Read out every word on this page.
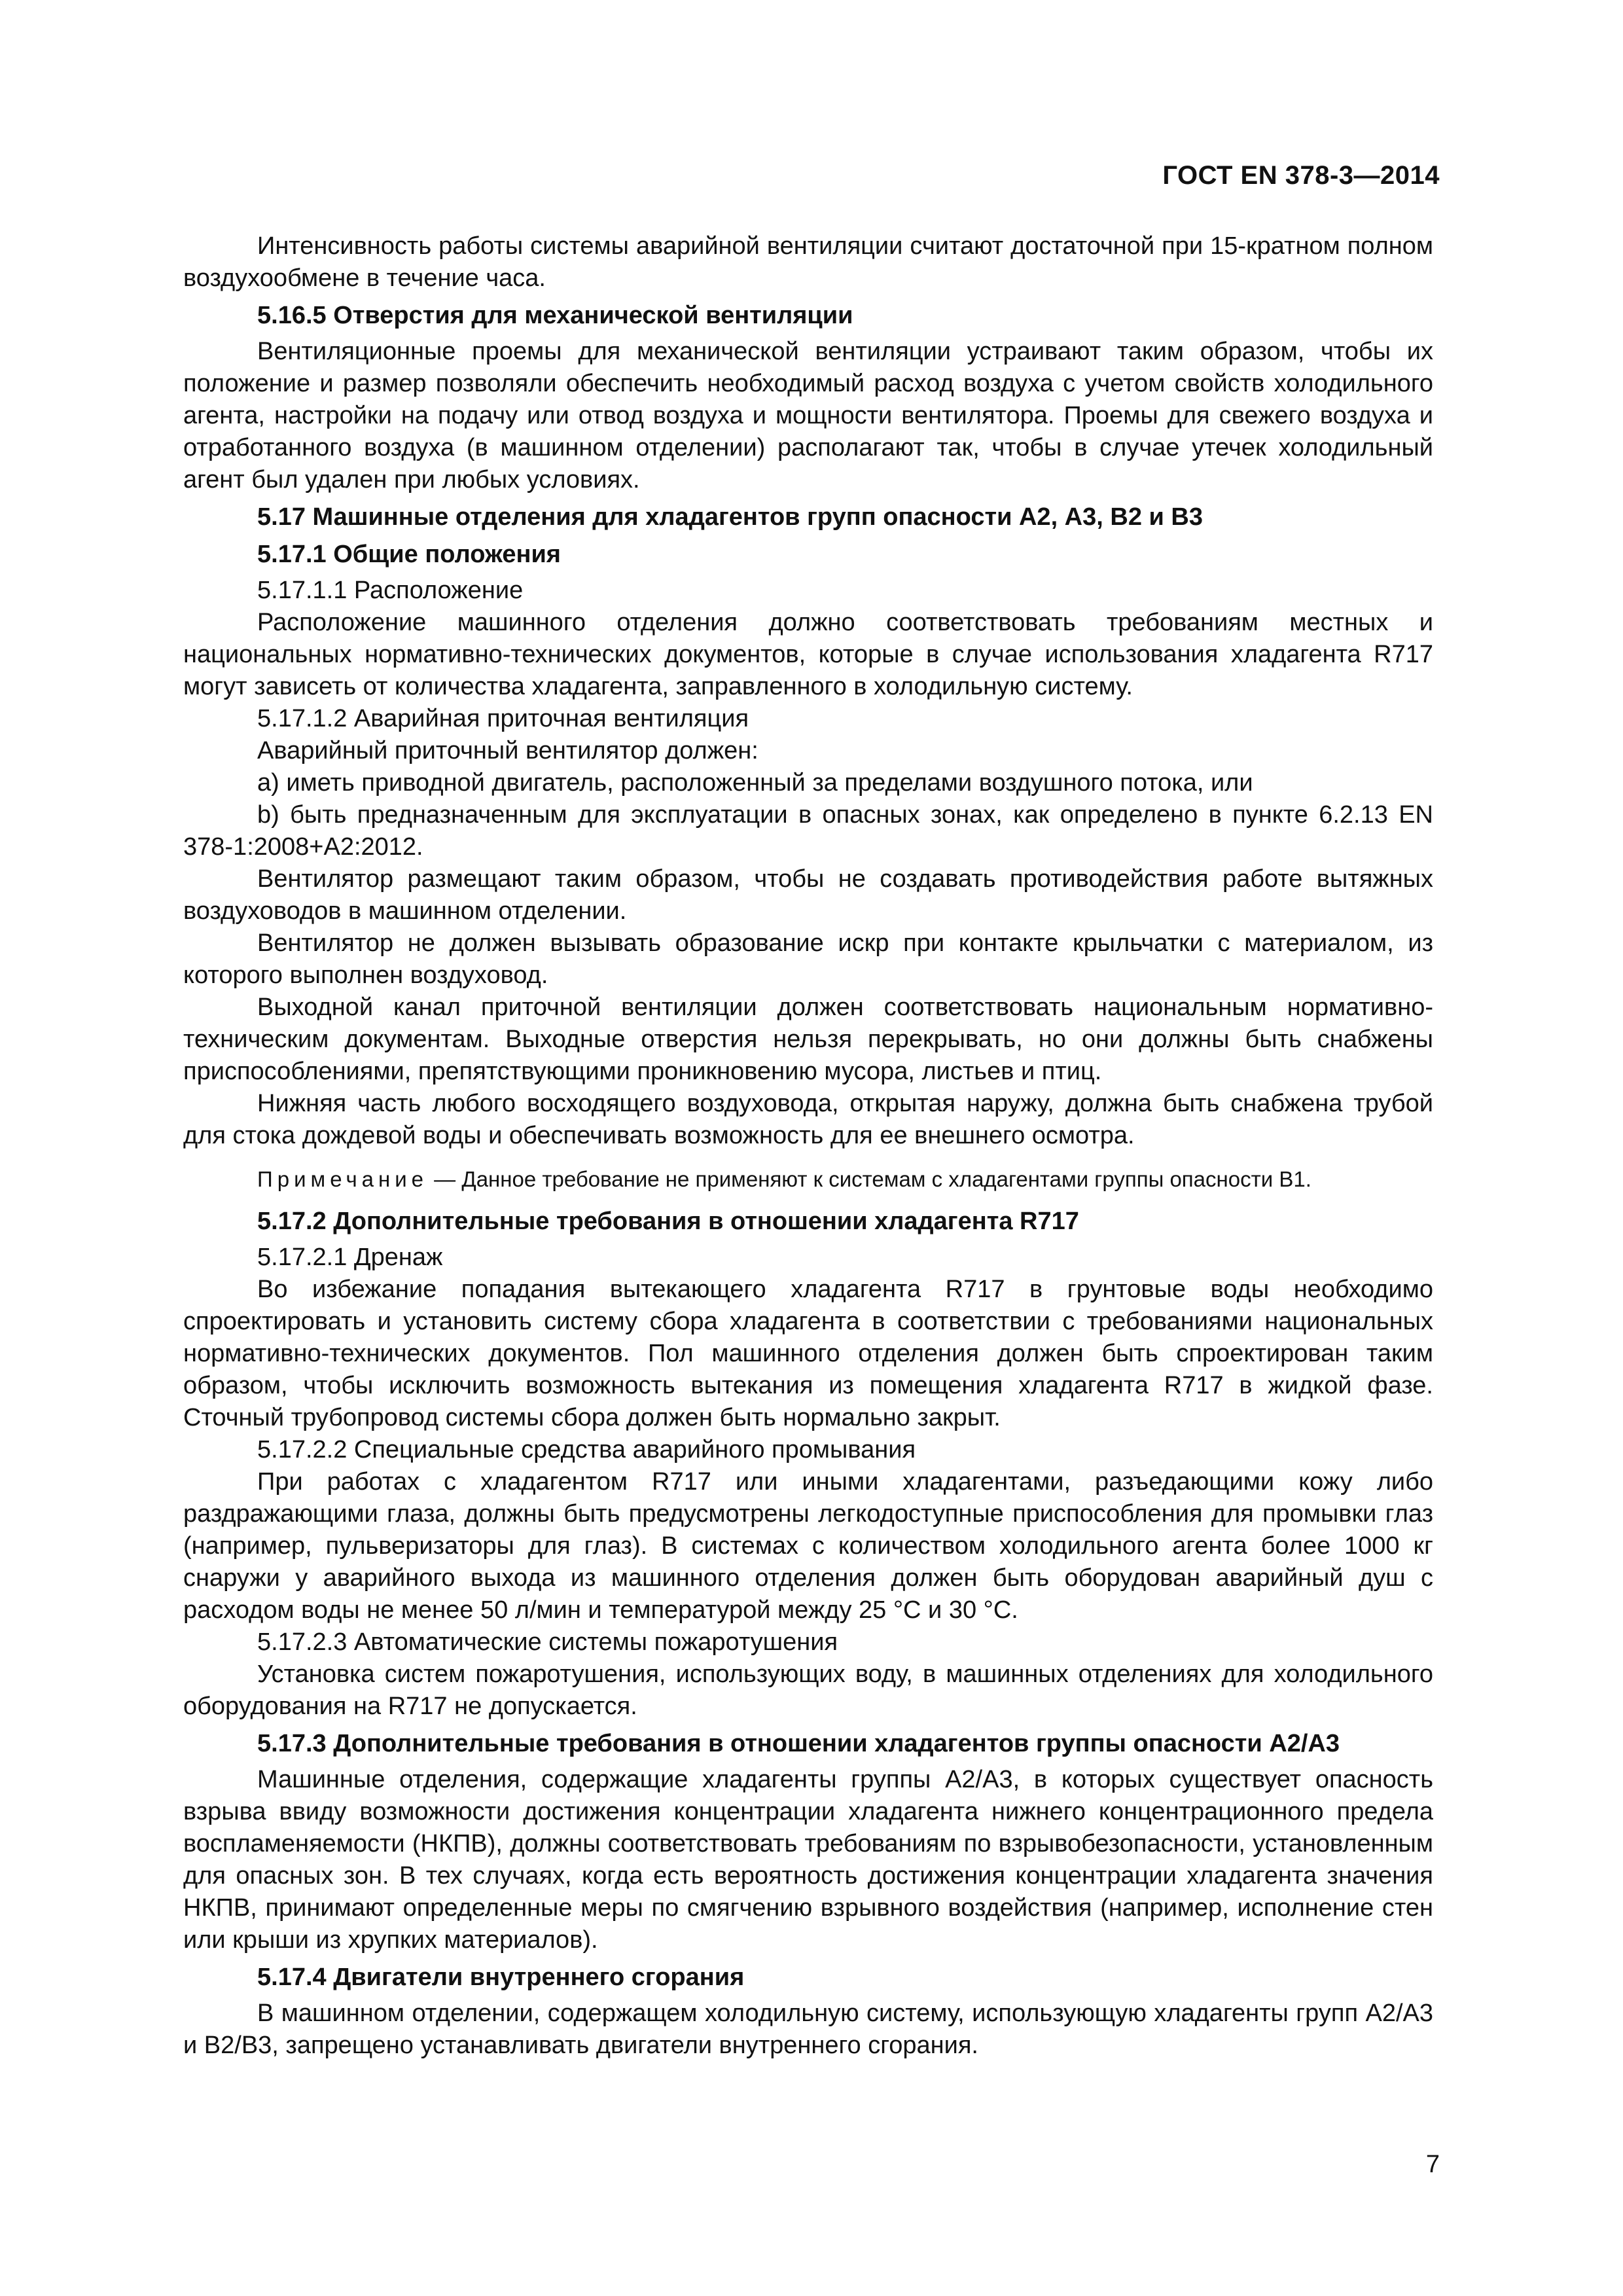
ГОСТ EN 378-3—2014

Интенсивность работы системы аварийной вентиляции считают достаточной при 15-кратном полном воздухообмене в течение часа.

5.16.5 Отверстия для механической вентиляции

Вентиляционные проемы для механической вентиляции устраивают таким образом, чтобы их положение и размер позволяли обеспечить необходимый расход воздуха с учетом свойств холодильного агента, настройки на подачу или отвод воздуха и мощности вентилятора. Проемы для свежего воздуха и отработанного воздуха (в машинном отделении) располагают так, чтобы в случае утечек холодильный агент был удален при любых условиях.

5.17 Машинные отделения для хладагентов групп опасности А2, А3, В2 и В3

5.17.1 Общие положения

5.17.1.1 Расположение

Расположение машинного отделения должно соответствовать требованиям местных и национальных нормативно-технических документов, которые в случае использования хладагента R717 могут зависеть от количества хладагента, заправленного в холодильную систему.

5.17.1.2 Аварийная приточная вентиляция

Аварийный приточный вентилятор должен:

a) иметь приводной двигатель, расположенный за пределами воздушного потока, или

b) быть предназначенным для эксплуатации в опасных зонах, как определено в пункте 6.2.13 EN 378-1:2008+A2:2012.

Вентилятор размещают таким образом, чтобы не создавать противодействия работе вытяжных воздуховодов в машинном отделении.

Вентилятор не должен вызывать образование искр при контакте крыльчатки с материалом, из которого выполнен воздуховод.

Выходной канал приточной вентиляции должен соответствовать национальным нормативно-техническим документам. Выходные отверстия нельзя перекрывать, но они должны быть снабжены приспособлениями, препятствующими проникновению мусора, листьев и птиц.

Нижняя часть любого восходящего воздуховода, открытая наружу, должна быть снабжена трубой для стока дождевой воды и обеспечивать возможность для ее внешнего осмотра.

Примечание — Данное требование не применяют к системам с хладагентами группы опасности В1.

5.17.2 Дополнительные требования в отношении хладагента R717

5.17.2.1 Дренаж

Во избежание попадания вытекающего хладагента R717 в грунтовые воды необходимо спроектировать и установить систему сбора хладагента в соответствии с требованиями национальных нормативно-технических документов. Пол машинного отделения должен быть спроектирован таким образом, чтобы исключить возможность вытекания из помещения хладагента R717 в жидкой фазе. Сточный трубопровод системы сбора должен быть нормально закрыт.

5.17.2.2 Специальные средства аварийного промывания

При работах с хладагентом R717 или иными хладагентами, разъедающими кожу либо раздражающими глаза, должны быть предусмотрены легкодоступные приспособления для промывки глаз (например, пульверизаторы для глаз). В системах с количеством холодильного агента более 1000 кг снаружи у аварийного выхода из машинного отделения должен быть оборудован аварийный душ с расходом воды не менее 50 л/мин и температурой между 25 °С и 30 °С.

5.17.2.3 Автоматические системы пожаротушения

Установка систем пожаротушения, использующих воду, в машинных отделениях для холодильного оборудования на R717 не допускается.

5.17.3 Дополнительные требования в отношении хладагентов группы опасности А2/А3

Машинные отделения, содержащие хладагенты группы А2/А3, в которых существует опасность взрыва ввиду возможности достижения концентрации хладагента нижнего концентрационного предела воспламеняемости (НКПВ), должны соответствовать требованиям по взрывобезопасности, установленным для опасных зон. В тех случаях, когда есть вероятность достижения концентрации хладагента значения НКПВ, принимают определенные меры по смягчению взрывного воздействия (например, исполнение стен или крыши из хрупких материалов).

5.17.4 Двигатели внутреннего сгорания

В машинном отделении, содержащем холодильную систему, использующую хладагенты групп А2/А3 и В2/В3, запрещено устанавливать двигатели внутреннего сгорания.

7
